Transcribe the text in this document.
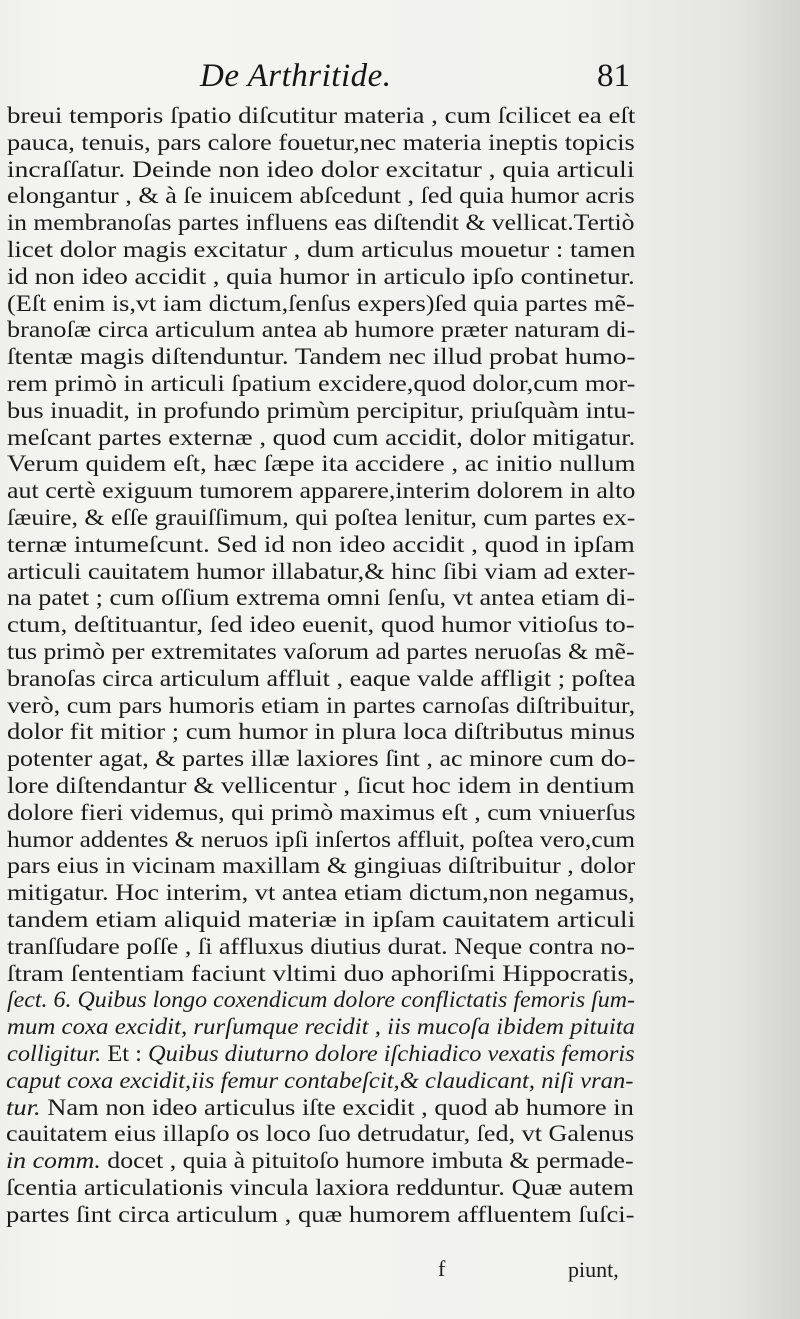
De Arthritide.	81
breui temporis ſpatio diſcutitur materia , cum ſcilicet ea eſt
pauca, tenuis, pars calore fouetur,nec materia ineptis topicis
incraſſatur. Deinde non ideo dolor excitatur , quia articuli
elongantur , & à ſe inuicem abſcedunt , ſed quia humor acris
in membranoſas partes influens eas diſtendit & vellicat.Tertiò
licet dolor magis excitatur , dum articulus mouetur : tamen
id non ideo accidit , quia humor in articulo ipſo continetur.
(Eſt enim is,vt iam dictum,ſenſus expers)ſed quia partes mẽ-
branoſæ circa articulum antea ab humore præter naturam di-
ſtentæ magis diſtenduntur. Tandem nec illud probat humo-
rem primò in articuli ſpatium excidere,quod dolor,cum mor-
bus inuadit, in profundo primùm percipitur, priuſquàm intu-
meſcant partes externæ , quod cum accidit, dolor mitigatur.
Verum quidem eſt, hæc ſæpe ita accidere , ac initio nullum
aut certè exiguum tumorem apparere,interim dolorem in alto
ſæuire, & eſſe grauiſſimum, qui poſtea lenitur, cum partes ex-
ternæ intumeſcunt. Sed id non ideo accidit , quod in ipſam
articuli cauitatem humor illabatur,& hinc ſibi viam ad exter-
na patet ; cum oſſium extrema omni ſenſu, vt antea etiam di-
ctum, deſtituantur, ſed ideo euenit, quod humor vitioſus to-
tus primò per extremitates vaſorum ad partes neruoſas & mẽ-
branoſas circa articulum affluit , eaque valde affligit ; poſtea
verò, cum pars humoris etiam in partes carnoſas diſtribuitur,
dolor fit mitior ; cum humor in plura loca diſtributus minus
potenter agat, & partes illæ laxiores ſint , ac minore cum do-
lore diſtendantur & vellicentur , ſicut hoc idem in dentium
dolore fieri videmus, qui primò maximus eſt , cum vniuerſus
humor addentes & neruos ipſi inſertos affluit, poſtea vero,cum
pars eius in vicinam maxillam & gingiuas diſtribuitur , dolor
mitigatur. Hoc interim, vt antea etiam dictum,non negamus,
tandem etiam aliquid materiæ in ipſam cauitatem articuli
tranſſudare poſſe , ſi affluxus diutius durat. Neque contra no-
ſtram ſententiam faciunt vltimi duo aphoriſmi Hippocratis,
ſect. 6. Quibus longo coxendicum dolore conflictatis femoris ſum-
mum coxa excidit, rurſumque recidit , iis mucoſa ibidem pituita
colligitur. Et : Quibus diuturno dolore iſchiadico vexatis femoris
caput coxa excidit,iis femur contabeſcit,& claudicant, niſi vran-
tur. Nam non ideo articulus iſte excidit , quod ab humore in
cauitatem eius illapſo os loco ſuo detrudatur, ſed, vt Galenus
in comm. docet , quia à pituitoſo humore imbuta & permade-
ſcentia articulationis vincula laxiora redduntur. Quæ autem
partes ſint circa articulum , quæ humorem affluentem ſuſci-
f	piunt,
